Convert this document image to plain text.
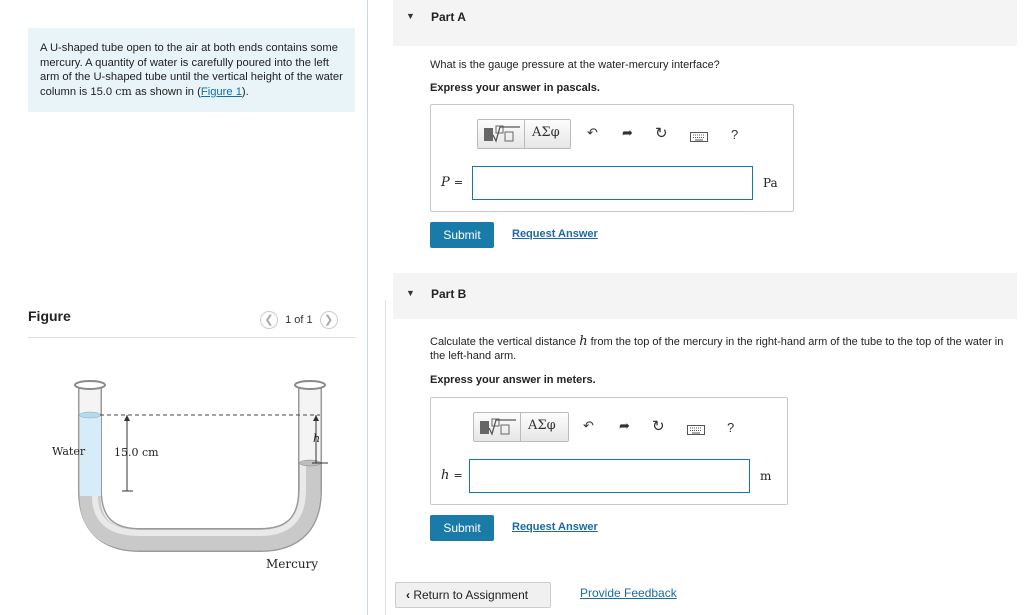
A U-shaped tube open to the air at both ends contains some mercury. A quantity of water is carefully poured into the left arm of the U-shaped tube until the vertical height of the water column is 15.0 cm as shown in (Figure 1).
Figure	❮ 1 of 1 ❯
Water	15.0 cm
h
Mercury
▼ Part A
What is the gauge pressure at the water-mercury interface?
Express your answer in pascals.
ΑΣφ ↶ ➦ ↻	?
P =	Pa
Submit	Request Answer
▼ Part B
Calculate the vertical distance h from the top of the mercury in the right-hand arm of the tube to the top of the water in the left-hand arm.
Express your answer in meters.
ΑΣφ ↶ ➦ ↻	?
h =	m
Submit	Request Answer
‹ Return to Assignment	Provide Feedback
